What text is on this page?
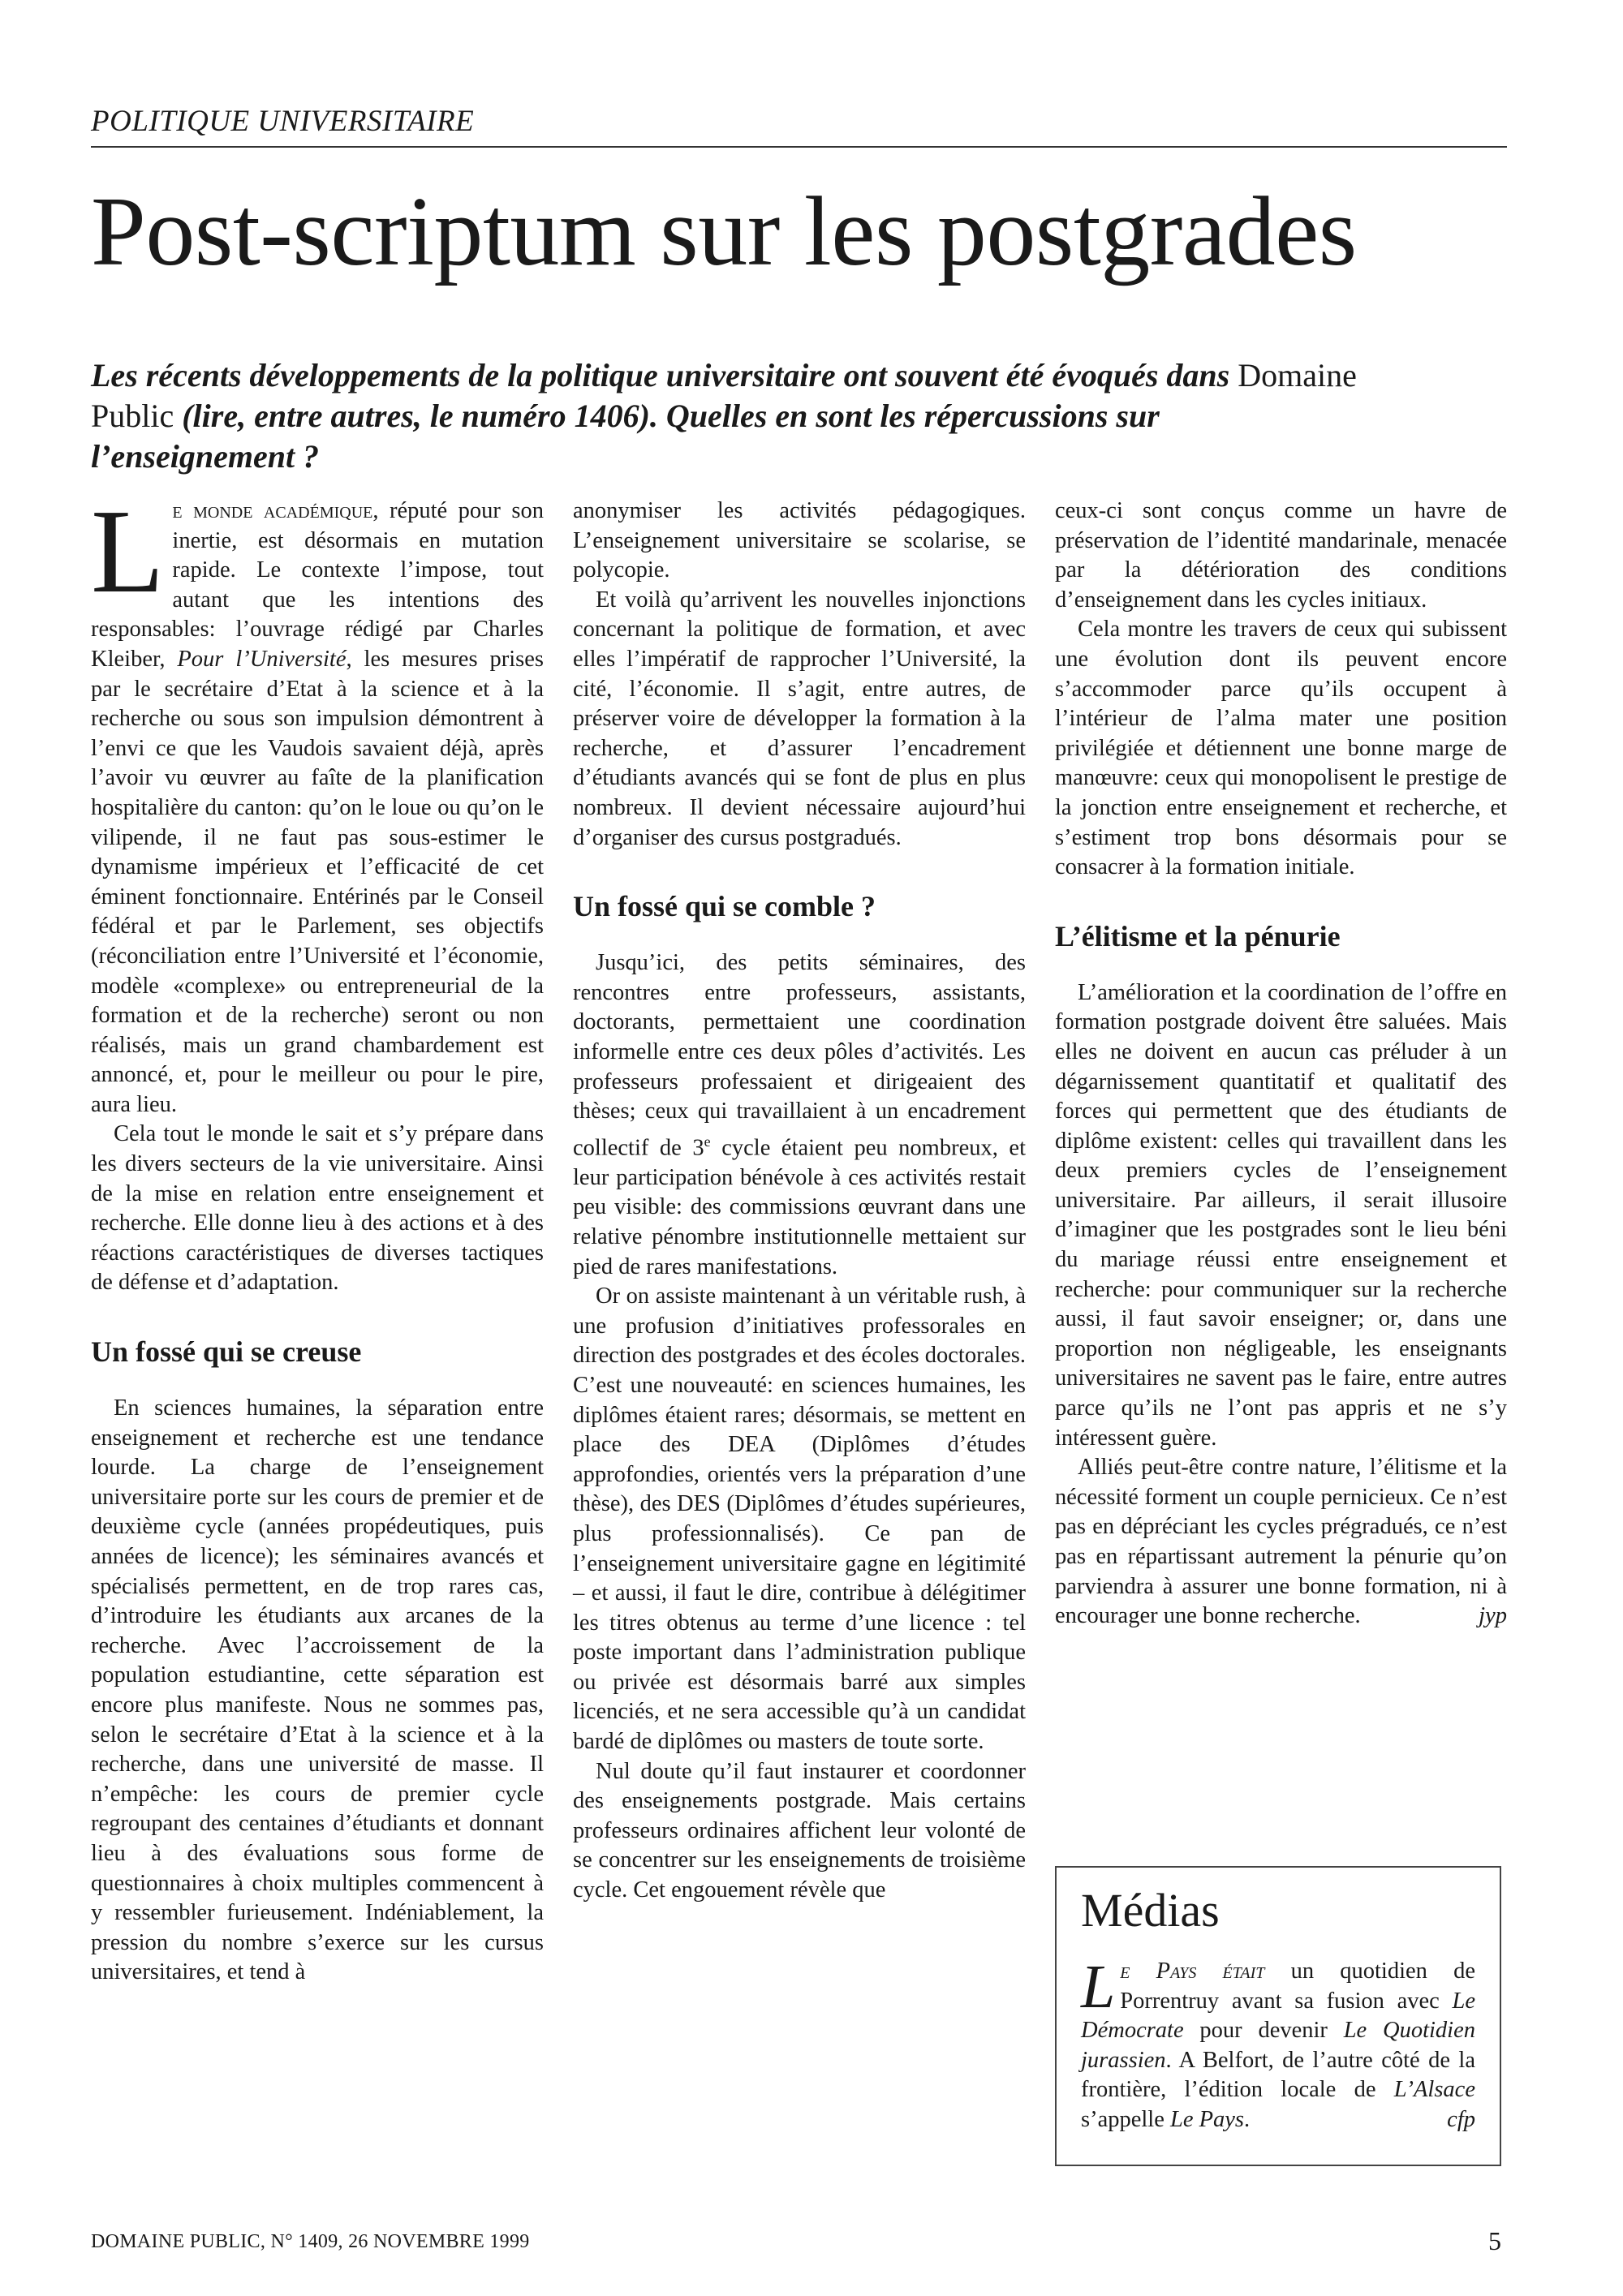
POLITIQUE UNIVERSITAIRE
Post-scriptum sur les postgrades
Les récents développements de la politique universitaire ont souvent été évoqués dans Domaine Public (lire, entre autres, le numéro 1406). Quelles en sont les répercussions sur l’enseignement ?

Le monde académique, réputé pour son inertie, est désormais en mutation rapide. Le contexte l’impose, tout autant que les intentions des responsables: l’ouvrage rédigé par Charles Kleiber, Pour l’Université, les mesures prises par le secrétaire d’Etat à la science et à la recherche ou sous son impulsion démontrent à l’envi ce que les Vaudois savaient déjà, après l’avoir vu œuvrer au faîte de la planification hospitalière du canton: qu’on le loue ou qu’on le vilipende, il ne faut pas sous-estimer le dynamisme impérieux et l’efficacité de cet éminent fonctionnaire. Entérinés par le Conseil fédéral et par le Parlement, ses objectifs (réconciliation entre l’Université et l’économie, modèle «complexe» ou entrepreneurial de la formation et de la recherche) seront ou non réalisés, mais un grand chambardement est annoncé, et, pour le meilleur ou pour le pire, aura lieu.

Cela tout le monde le sait et s’y prépare dans les divers secteurs de la vie universitaire. Ainsi de la mise en relation entre enseignement et recherche. Elle donne lieu à des actions et à des réactions caractéristiques de diverses tactiques de défense et d’adaptation.

Un fossé qui se creuse

En sciences humaines, la séparation entre enseignement et recherche est une tendance lourde. La charge de l’enseignement universitaire porte sur les cours de premier et de deuxième cycle (années propédeutiques, puis années de licence); les séminaires avancés et spécialisés permettent, en de trop rares cas, d’introduire les étudiants aux arcanes de la recherche. Avec l’accroissement de la population estudiantine, cette séparation est encore plus manifeste. Nous ne sommes pas, selon le secrétaire d’Etat à la science et à la recherche, dans une université de masse. Il n’empêche: les cours de premier cycle regroupant des centaines d’étudiants et donnant lieu à des évaluations sous forme de questionnaires à choix multiples commencent à y ressembler furieusement. Indéniablement, la pression du nombre s’exerce sur les cursus universitaires, et tend à

anonymiser les activités pédagogiques. L’enseignement universitaire se scolarise, se polycopie.

Et voilà qu’arrivent les nouvelles injonctions concernant la politique de formation, et avec elles l’impératif de rapprocher l’Université, la cité, l’économie. Il s’agit, entre autres, de préserver voire de développer la formation à la recherche, et d’assurer l’encadrement d’étudiants avancés qui se font de plus en plus nombreux. Il devient nécessaire aujourd’hui d’organiser des cursus postgradués.

Un fossé qui se comble ?

Jusqu’ici, des petits séminaires, des rencontres entre professeurs, assistants, doctorants, permettaient une coordination informelle entre ces deux pôles d’activités. Les professeurs professaient et dirigeaient des thèses; ceux qui travaillaient à un encadrement collectif de 3e cycle étaient peu nombreux, et leur participation bénévole à ces activités restait peu visible: des commissions œuvrant dans une relative pénombre institutionnelle mettaient sur pied de rares manifestations.

Or on assiste maintenant à un véritable rush, à une profusion d’initiatives professorales en direction des postgrades et des écoles doctorales. C’est une nouveauté: en sciences humaines, les diplômes étaient rares; désormais, se mettent en place des DEA (Diplômes d’études approfondies, orientés vers la préparation d’une thèse), des DES (Diplômes d’études supérieures, plus professionnalisés). Ce pan de l’enseignement universitaire gagne en légitimité – et aussi, il faut le dire, contribue à délégitimer les titres obtenus au terme d’une licence : tel poste important dans l’administration publique ou privée est désormais barré aux simples licenciés, et ne sera accessible qu’à un candidat bardé de diplômes ou masters de toute sorte.

Nul doute qu’il faut instaurer et coordonner des enseignements postgrade. Mais certains professeurs ordinaires affichent leur volonté de se concentrer sur les enseignements de troisième cycle. Cet engouement révèle que

ceux-ci sont conçus comme un havre de préservation de l’identité mandarinale, menacée par la détérioration des conditions d’enseignement dans les cycles initiaux.

Cela montre les travers de ceux qui subissent une évolution dont ils peuvent encore s’accommoder parce qu’ils occupent à l’intérieur de l’alma mater une position privilégiée et détiennent une bonne marge de manœuvre: ceux qui monopolisent le prestige de la jonction entre enseignement et recherche, et s’estiment trop bons désormais pour se consacrer à la formation initiale.

L’élitisme et la pénurie

L’amélioration et la coordination de l’offre en formation postgrade doivent être saluées. Mais elles ne doivent en aucun cas préluder à un dégarnissement quantitatif et qualitatif des forces qui permettent que des étudiants de diplôme existent: celles qui travaillent dans les deux premiers cycles de l’enseignement universitaire. Par ailleurs, il serait illusoire d’imaginer que les postgrades sont le lieu béni du mariage réussi entre enseignement et recherche: pour communiquer sur la recherche aussi, il faut savoir enseigner; or, dans une proportion non négligeable, les enseignants universitaires ne savent pas le faire, entre autres parce qu’ils ne l’ont pas appris et ne s’y intéressent guère.

Alliés peut-être contre nature, l’élitisme et la nécessité forment un couple pernicieux. Ce n’est pas en dépréciant les cycles prégradués, ce n’est pas en répartissant autrement la pénurie qu’on parviendra à assurer une bonne formation, ni à encourager une bonne recherche.	jyp

Médias
Le Pays était un quotidien de Porrentruy avant sa fusion avec Le Démocrate pour devenir Le Quotidien jurassien. A Belfort, de l’autre côté de la frontière, l’édition locale de L’Alsace s’appelle Le Pays.	cfp
DOMAINE PUBLIC, N° 1409, 26 NOVEMBRE 1999	5
